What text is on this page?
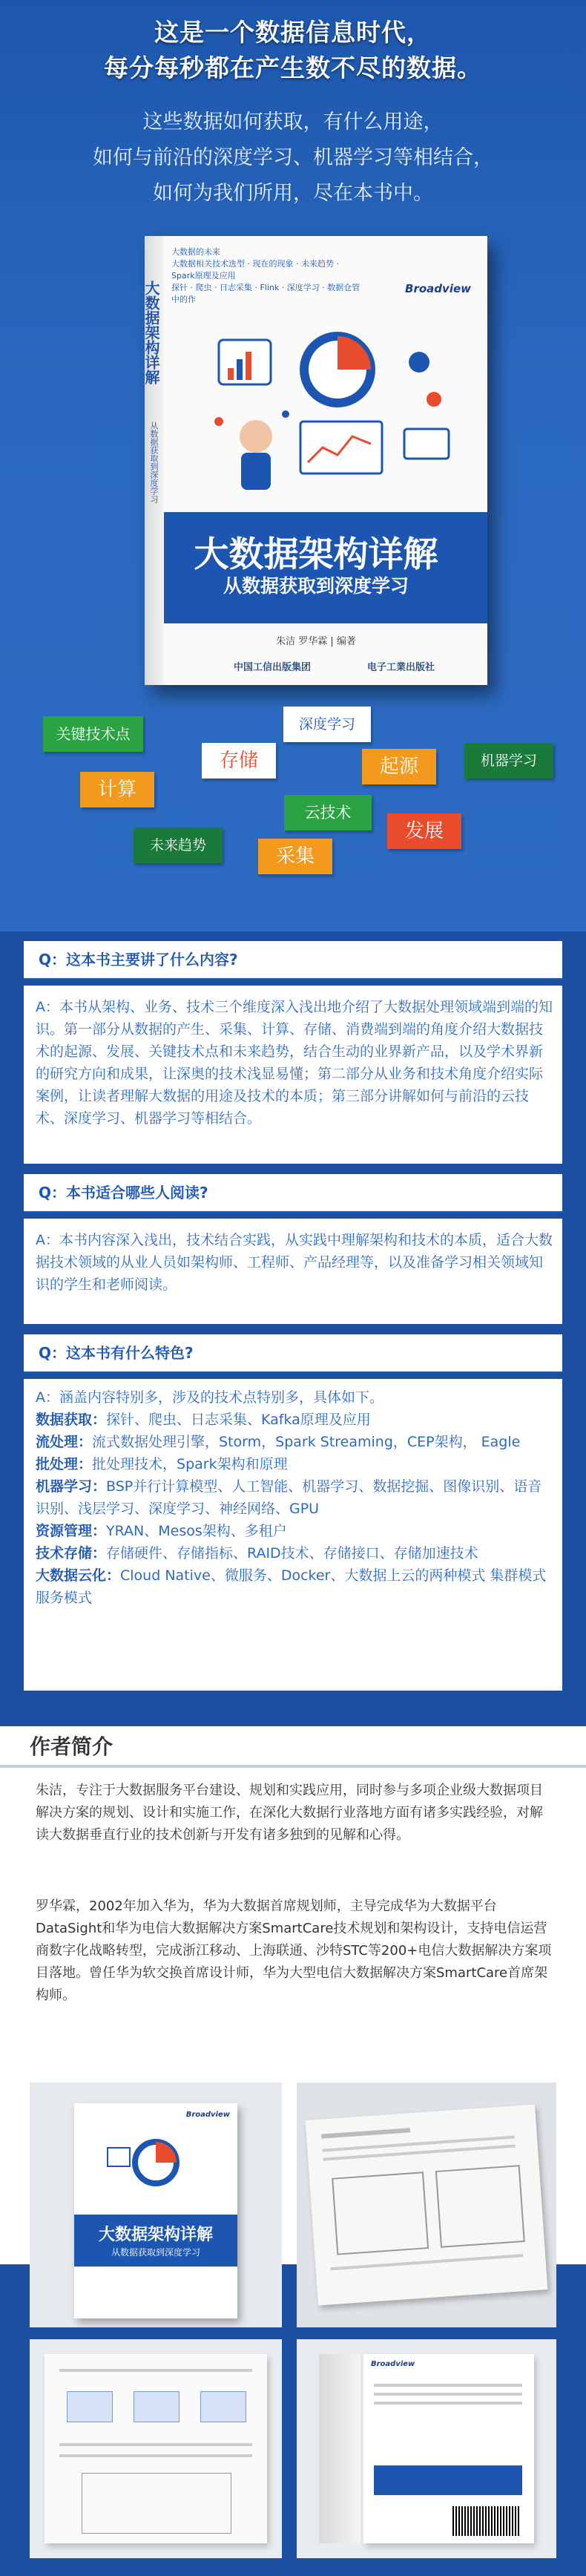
这是一个数据信息时代，
每分每秒都在产生数不尽的数据。
这些数据如何获取，有什么用途，
如何与前沿的深度学习、机器学习等相结合，
如何为我们所用，尽在本书中。
大数据的未来
大数据相关技术选型 · 现在的现象 · 未来趋势 · Spark原理及应用
探针 · 爬虫 · 日志采集 · Flink · 深度学习 · 数据仓管中的作
Broadview
大数据架构详解
从数据获取到深度学习
朱洁 罗华霖 | 编著
中国工信出版集团	电子工業出版社
大数据架构详解
从数据获取到深度学习
关键技术点
深度学习
存储	起源	机器学习
计算
云技术
发展
未来趋势	采集
Q：这本书主要讲了什么内容?
A：本书从架构、业务、技术三个维度深入浅出地介绍了大数据处理领域端到端的知识。第一部分从数据的产生、采集、计算、存储、消费端到端的角度介绍大数据技术的起源、发展、关键技术点和未来趋势，结合生动的业界新产品，以及学术界新的研究方向和成果，让深奥的技术浅显易懂；第二部分从业务和技术角度介绍实际案例，让读者理解大数据的用途及技术的本质；第三部分讲解如何与前沿的云技术、深度学习、机器学习等相结合。
Q：本书适合哪些人阅读?
A：本书内容深入浅出，技术结合实践，从实践中理解架构和技术的本质，适合大数据技术领域的从业人员如架构师、工程师、产品经理等，以及准备学习相关领域知识的学生和老师阅读。
Q：这本书有什么特色?
A：涵盖内容特别多，涉及的技术点特别多，具体如下。
数据获取：探针、爬虫、日志采集、Kafka原理及应用
流处理：流式数据处理引擎，Storm，Spark Streaming，CEP架构， Eagle
批处理：批处理技术，Spark架构和原理
机器学习：BSP并行计算模型、人工智能、机器学习、数据挖掘、图像识别、语音识别、浅层学习、深度学习、神经网络、GPU
资源管理：YRAN、Mesos架构、多租户
技术存储：存储硬件、存储指标、RAID技术、存储接口、存储加速技术
大数据云化：Cloud Native、微服务、Docker、大数据上云的两种模式 集群模式 服务模式
作者简介
朱洁，专注于大数据服务平台建设、规划和实践应用，同时参与多项企业级大数据项目解决方案的规划、设计和实施工作，在深化大数据行业落地方面有诸多实践经验，对解读大数据垂直行业的技术创新与开发有诸多独到的见解和心得。
罗华霖，2002年加入华为，华为大数据首席规划师，主导完成华为大数据平台DataSight和华为电信大数据解决方案SmartCare技术规划和架构设计，支持电信运营商数字化战略转型，完成浙江移动、上海联通、沙特STC等200+电信大数据解决方案项目落地。曾任华为软交换首席设计师，华为大型电信大数据解决方案SmartCare首席架构师。
实拍图
Broadview
大数据架构详解
从数据获取到深度学习
Broadview
